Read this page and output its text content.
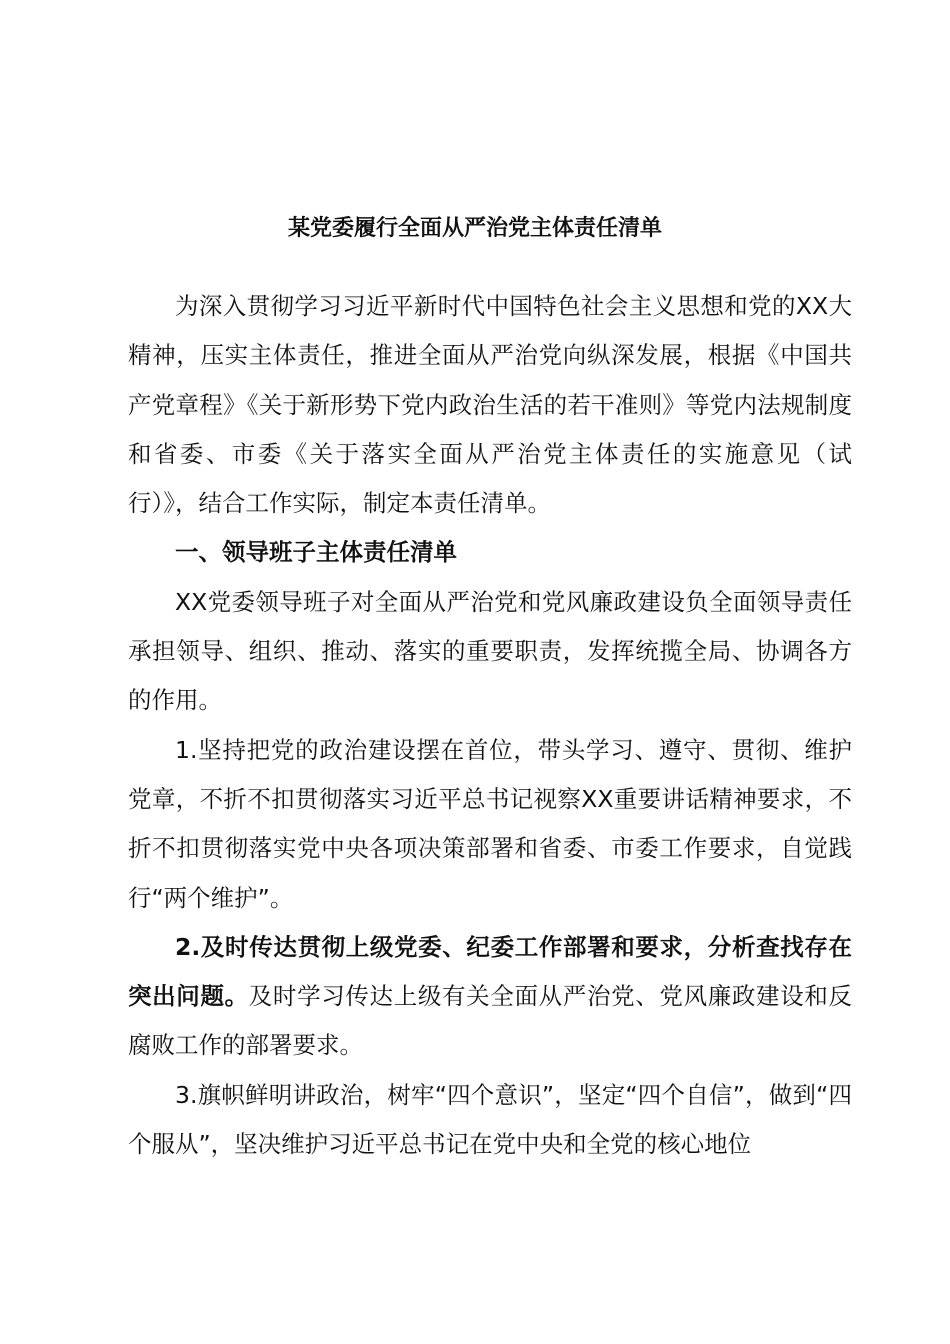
某党委履行全面从严治党主体责任清单

为深入贯彻学习习近平新时代中国特色社会主义思想和党的XX大精神，压实主体责任，推进全面从严治党向纵深发展，根据《中国共产党章程》《关于新形势下党内政治生活的若干准则》等党内法规制度和省委、市委《关于落实全面从严治党主体责任的实施意见（试行）》，结合工作实际，制定本责任清单。

一、领导班子主体责任清单

XX党委领导班子对全面从严治党和党风廉政建设负全面领导责任承担领导、组织、推动、落实的重要职责，发挥统揽全局、协调各方的作用。

1.坚持把党的政治建设摆在首位，带头学习、遵守、贯彻、维护党章，不折不扣贯彻落实习近平总书记视察XX重要讲话精神要求，不折不扣贯彻落实党中央各项决策部署和省委、市委工作要求，自觉践行“两个维护”。

2.及时传达贯彻上级党委、纪委工作部署和要求，分析查找存在突出问题。及时学习传达上级有关全面从严治党、党风廉政建设和反腐败工作的部署要求。

3.旗帜鲜明讲政治，树牢“四个意识”，坚定“四个自信”，做到“四个服从”，坚决维护习近平总书记在党中央和全党的核心地位
